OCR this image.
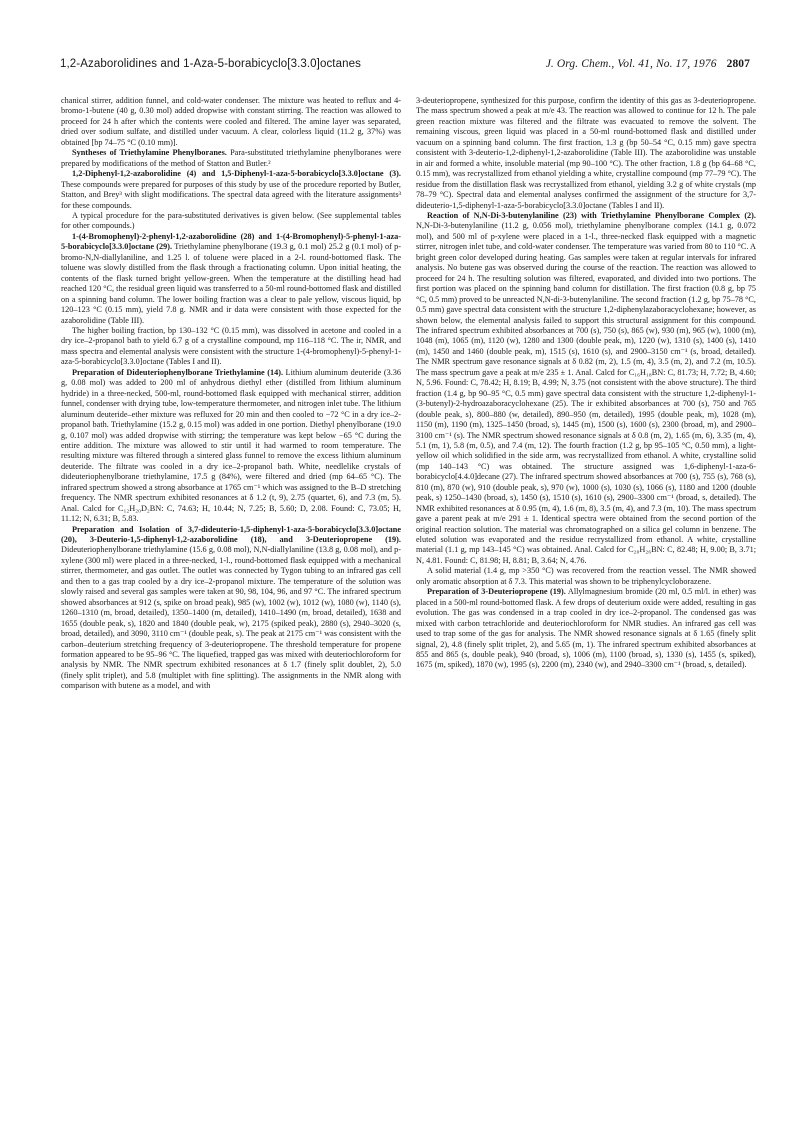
1,2-Azaborolidines and 1-Aza-5-borabicyclo[3.3.0]octanes	J. Org. Chem., Vol. 41, No. 17, 1976 2807

chanical stirrer, addition funnel, and cold-water condenser. The mixture was heated to reflux and 4-bromo-1-butene (40 g, 0.30 mol) added dropwise with constant stirring. The reaction was allowed to proceed for 24 h after which the contents were cooled and filtered. The amine layer was separated, dried over sodium sulfate, and distilled under vacuum. A clear, colorless liquid (11.2 g, 37%) was obtained [bp 74–75 °C (0.10 mm)].

Syntheses of Triethylamine Phenylboranes. Para-substituted triethylamine phenylboranes were prepared by modifications of the method of Statton and Butler.²

1,2-Diphenyl-1,2-azaborolidine (4) and 1,5-Diphenyl-1-aza-5-borabicyclo[3.3.0]octane (3). These compounds were prepared for purposes of this study by use of the procedure reported by Butler, Statton, and Brey³ with slight modifications. The spectral data agreed with the literature assignments³ for these compounds.

A typical procedure for the para-substituted derivatives is given below. (See supplemental tables for other compounds.)

1-(4-Bromophenyl)-2-phenyl-1,2-azaborolidine (28) and 1-(4-Bromophenyl)-5-phenyl-1-aza-5-borabicyclo[3.3.0]octane (29). Triethylamine phenylborane (19.3 g, 0.1 mol) 25.2 g (0.1 mol) of p-bromo-N,N-diallylaniline, and 1.25 l. of toluene were placed in a 2-l. round-bottomed flask. The toluene was slowly distilled from the flask through a fractionating column. Upon initial heating, the contents of the flask turned bright yellow-green. When the temperature at the distilling head had reached 120 °C, the residual green liquid was transferred to a 50-ml round-bottomed flask and distilled on a spinning band column. The lower boiling fraction was a clear to pale yellow, viscous liquid, bp 120–123 °C (0.15 mm), yield 7.8 g. NMR and ir data were consistent with those expected for the azaborolidine (Table III).

The higher boiling fraction, bp 130–132 °C (0.15 mm), was dissolved in acetone and cooled in a dry ice–2-propanol bath to yield 6.7 g of a crystalline compound, mp 116–118 °C. The ir, NMR, and mass spectra and elemental analysis were consistent with the structure 1-(4-bromophenyl)-5-phenyl-1-aza-5-borabicyclo[3.3.0]octane (Tables I and II).

Preparation of Dideuteriophenylborane Triethylamine (14). Lithium aluminum deuteride (3.36 g, 0.08 mol) was added to 200 ml of anhydrous diethyl ether (distilled from lithium aluminum hydride) in a three-necked, 500-ml, round-bottomed flask equipped with mechanical stirrer, addition funnel, condenser with drying tube, low-temperature thermometer, and nitrogen inlet tube. The lithium aluminum deuteride–ether mixture was refluxed for 20 min and then cooled to −72 °C in a dry ice–2-propanol bath. Triethylamine (15.2 g, 0.15 mol) was added in one portion. Diethyl phenylborane (19.0 g, 0.107 mol) was added dropwise with stirring; the temperature was kept below −65 °C during the entire addition. The mixture was allowed to stir until it had warmed to room temperature. The resulting mixture was filtered through a sintered glass funnel to remove the excess lithium aluminum deuteride. The filtrate was cooled in a dry ice–2-propanol bath. White, needlelike crystals of dideuteriophenylborane triethylamine, 17.5 g (84%), were filtered and dried (mp 64–65 °C). The infrared spectrum showed a strong absorbance at 1765 cm⁻¹ which was assigned to the B–D stretching frequency. The NMR spectrum exhibited resonances at δ 1.2 (t, 9), 2.75 (quartet, 6), and 7.3 (m, 5). Anal. Calcd for C₁₂H₂₀D₂BN: C, 74.63; H, 10.44; N, 7.25; B, 5.60; D, 2.08. Found: C, 73.05; H, 11.12; N, 6.31; B, 5.83.

Preparation and Isolation of 3,7-dideuterio-1,5-diphenyl-1-aza-5-borabicyclo[3.3.0]octane (20), 3-Deuterio-1,5-diphenyl-1,2-azaborolidine (18), and 3-Deuteriopropene (19). Dideuteriophenylborane triethylamine (15.6 g, 0.08 mol), N,N-diallylaniline (13.8 g, 0.08 mol), and p-xylene (300 ml) were placed in a three-necked, 1-l., round-bottomed flask equipped with a mechanical stirrer, thermometer, and gas outlet. The outlet was connected by Tygon tubing to an infrared gas cell and then to a gas trap cooled by a dry ice–2-propanol mixture. The temperature of the solution was slowly raised and several gas samples were taken at 90, 98, 104, 96, and 97 °C. The infrared spectrum showed absorbances at 912 (s, spike on broad peak), 985 (w), 1002 (w), 1012 (w), 1080 (w), 1140 (s), 1260–1310 (m, broad, detailed), 1350–1400 (m, detailed), 1410–1490 (m, broad, detailed), 1638 and 1655 (double peak, s), 1820 and 1840 (double peak, w), 2175 (spiked peak), 2880 (s), 2940–3020 (s, broad, detailed), and 3090, 3110 cm⁻¹ (double peak, s). The peak at 2175 cm⁻¹ was consistent with the carbon–deuterium stretching frequency of 3-deuteriopropene. The threshold temperature for propene formation appeared to be 95–96 °C. The liquefied, trapped gas was mixed with deuteriochloroform for analysis by NMR. The NMR spectrum exhibited resonances at δ 1.7 (finely split doublet, 2), 5.0 (finely split triplet), and 5.8 (multiplet with fine splitting). The assignments in the NMR along with comparison with butene as a model, and with

3-deuteriopropene, synthesized for this purpose, confirm the identity of this gas as 3-deuteriopropene. The mass spectrum showed a peak at m/e 43. The reaction was allowed to continue for 12 h. The pale green reaction mixture was filtered and the filtrate was evacuated to remove the solvent. The remaining viscous, green liquid was placed in a 50-ml round-bottomed flask and distilled under vacuum on a spinning band column. The first fraction, 1.3 g (bp 50–54 °C, 0.15 mm) gave spectra consistent with 3-deuterio-1,2-diphenyl-1,2-azaborolidine (Table III). The azaborolidine was unstable in air and formed a white, insoluble material (mp 90–100 °C). The other fraction, 1.8 g (bp 64–68 °C, 0.15 mm), was recrystallized from ethanol yielding a white, crystalline compound (mp 77–79 °C). The residue from the distillation flask was recrystallized from ethanol, yielding 3.2 g of white crystals (mp 78–79 °C). Spectral data and elemental analyses confirmed the assignment of the structure for 3,7-dideuterio-1,5-diphenyl-1-aza-5-borabicyclo[3.3.0]octane (Tables I and II).

Reaction of N,N-Di-3-butenylaniline (23) with Triethylamine Phenylborane Complex (2). N,N-Di-3-butenylaniline (11.2 g, 0.056 mol), triethylamine phenylborane complex (14.1 g, 0.072 mol), and 500 ml of p-xylene were placed in a 1-l., three-necked flask equipped with a magnetic stirrer, nitrogen inlet tube, and cold-water condenser. The temperature was varied from 80 to 110 °C. A bright green color developed during heating. Gas samples were taken at regular intervals for infrared analysis. No butene gas was observed during the course of the reaction. The reaction was allowed to proceed for 24 h. The resulting solution was filtered, evaporated, and divided into two portions. The first portion was placed on the spinning band column for distillation. The first fraction (0.8 g, bp 75 °C, 0.5 mm) proved to be unreacted N,N-di-3-butenylaniline. The second fraction (1.2 g, bp 75–78 °C, 0.5 mm) gave spectral data consistent with the structure 1,2-diphenylazaboracyclohexane; however, as shown below, the elemental analysis failed to support this structural assignment for this compound. The infrared spectrum exhibited absorbances at 700 (s), 750 (s), 865 (w), 930 (m), 965 (w), 1000 (m), 1048 (m), 1065 (m), 1120 (w), 1280 and 1300 (double peak, m), 1220 (w), 1310 (s), 1400 (s), 1410 (m), 1450 and 1460 (double peak, m), 1515 (s), 1610 (s), and 2900–3150 cm⁻¹ (s, broad, detailed). The NMR spectrum gave resonance signals at δ 0.82 (m, 2), 1.5 (m, 4), 3.5 (m, 2), and 7.2 (m, 10.5). The mass spectrum gave a peak at m/e 235 ± 1. Anal. Calcd for C₁₆H₁₈BN: C, 81.73; H, 7.72; B, 4.60; N, 5.96. Found: C, 78.42; H, 8.19; B, 4.99; N, 3.75 (not consistent with the above structure). The third fraction (1.4 g, bp 90–95 °C, 0.5 mm) gave spectral data consistent with the structure 1,2-diphenyl-1-(3-butenyl)-2-hydroazaboracyclohexane (25). The ir exhibited absorbances at 700 (s), 750 and 765 (double peak, s), 800–880 (w, detailed), 890–950 (m, detailed), 1995 (double peak, m), 1028 (m), 1150 (m), 1190 (m), 1325–1450 (broad, s), 1445 (m), 1500 (s), 1600 (s), 2300 (broad, m), and 2900–3100 cm⁻¹ (s). The NMR spectrum showed resonance signals at δ 0.8 (m, 2), 1.65 (m, 6), 3.35 (m, 4), 5.1 (m, 1), 5.8 (m, 0.5), and 7.4 (m, 12). The fourth fraction (1.2 g, bp 95–105 °C, 0.50 mm), a light-yellow oil which solidified in the side arm, was recrystallized from ethanol. A white, crystalline solid (mp 140–143 °C) was obtained. The structure assigned was 1,6-diphenyl-1-aza-6-borabicyclo[4.4.0]decane (27). The infrared spectrum showed absorbances at 700 (s), 755 (s), 768 (s), 810 (m), 870 (w), 910 (double peak, s), 970 (w), 1000 (s), 1030 (s), 1066 (s), 1180 and 1200 (double peak, s) 1250–1430 (broad, s), 1450 (s), 1510 (s), 1610 (s), 2900–3300 cm⁻¹ (broad, s, detailed). The NMR exhibited resonances at δ 0.95 (m, 4), 1.6 (m, 8), 3.5 (m, 4), and 7.3 (m, 10). The mass spectrum gave a parent peak at m/e 291 ± 1. Identical spectra were obtained from the second portion of the original reaction solution. The material was chromatographed on a silica gel column in benzene. The eluted solution was evaporated and the residue recrystallized from ethanol. A white, crystalline material (1.1 g, mp 143–145 °C) was obtained. Anal. Calcd for C₂₀H₂₆BN: C, 82.48; H, 9.00; B, 3.71; N, 4.81. Found: C, 81.98; H, 8.81; B, 3.64; N, 4.76.

A solid material (1.4 g, mp >350 °C) was recovered from the reaction vessel. The NMR showed only aromatic absorption at δ 7.3. This material was shown to be triphenylcycloborazene.

Preparation of 3-Deuteriopropene (19). Allylmagnesium bromide (20 ml, 0.5 ml/l. in ether) was placed in a 500-ml round-bottomed flask. A few drops of deuterium oxide were added, resulting in gas evolution. The gas was condensed in a trap cooled in dry ice–2-propanol. The condensed gas was mixed with carbon tetrachloride and deuteriochloroform for NMR studies. An infrared gas cell was used to trap some of the gas for analysis. The NMR showed resonance signals at δ 1.65 (finely split signal, 2), 4.8 (finely split triplet, 2), and 5.65 (m, 1). The infrared spectrum exhibited absorbances at 855 and 865 (s, double peak), 940 (broad, s), 1006 (m), 1100 (broad, s), 1330 (s), 1455 (s, spiked), 1675 (m, spiked), 1870 (w), 1995 (s), 2200 (m), 2340 (w), and 2940–3300 cm⁻¹ (broad, s, detailed).
